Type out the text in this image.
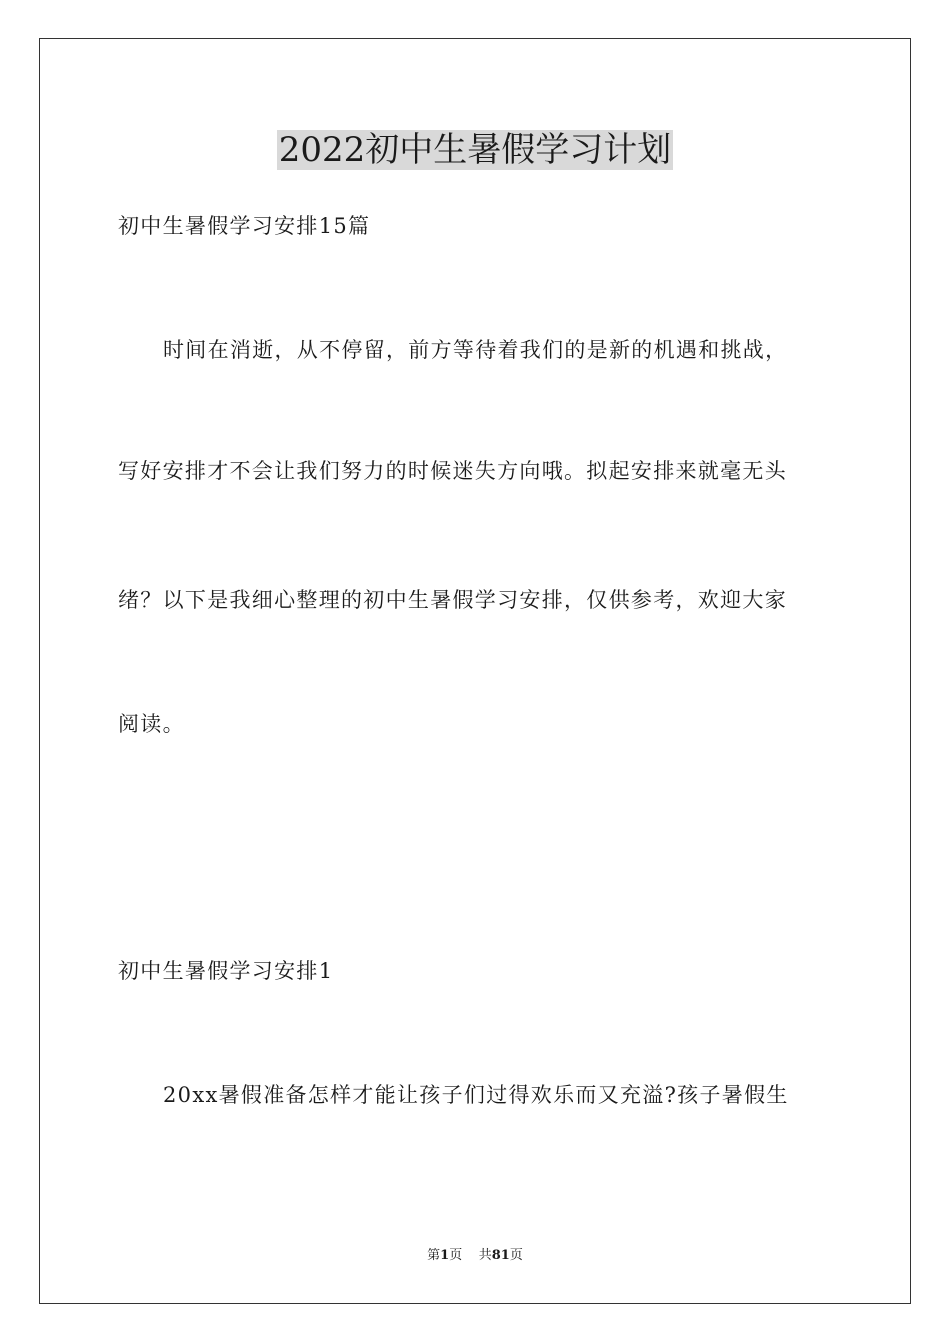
2022初中生暑假学习计划

初中生暑假学习安排15篇

时间在消逝，从不停留，前方等待着我们的是新的机遇和挑战，

写好安排才不会让我们努力的时候迷失方向哦。拟起安排来就毫无头

绪？以下是我细心整理的初中生暑假学习安排，仅供参考，欢迎大家

阅读。

初中生暑假学习安排1

20xx暑假准备怎样才能让孩子们过得欢乐而又充溢?孩子暑假生

第1页 共81页
